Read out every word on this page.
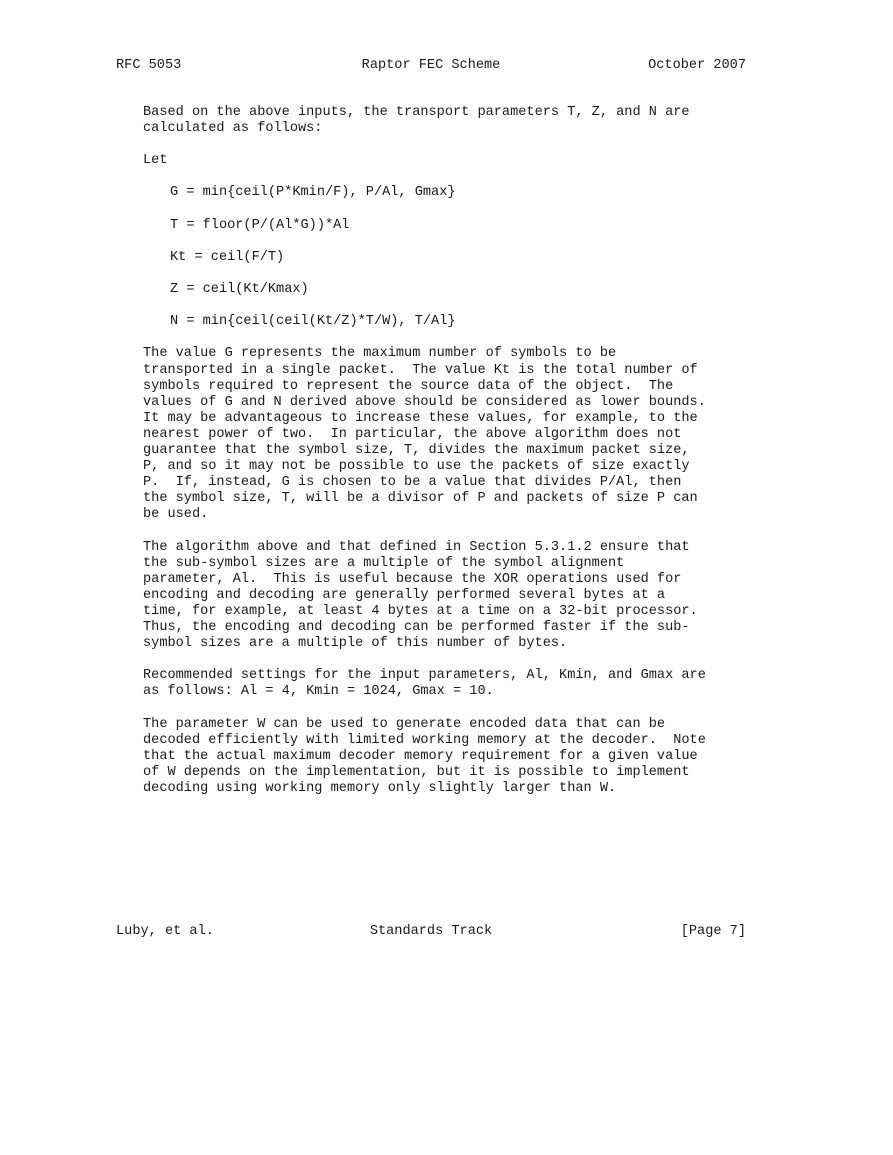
RFC 5053

	Raptor FEC Scheme

	October 2007

Based on the above inputs, the transport parameters T, Z, and N are
calculated as follows:
Let
G = min{ceil(P*Kmin/F), P/Al, Gmax}
T = floor(P/(Al*G))*Al
Kt = ceil(F/T)
Z = ceil(Kt/Kmax)
N = min{ceil(ceil(Kt/Z)*T/W), T/Al}
The value G represents the maximum number of symbols to be
transported in a single packet.  The value Kt is the total number of
symbols required to represent the source data of the object.  The
values of G and N derived above should be considered as lower bounds.
It may be advantageous to increase these values, for example, to the
nearest power of two.  In particular, the above algorithm does not
guarantee that the symbol size, T, divides the maximum packet size,
P, and so it may not be possible to use the packets of size exactly
P.  If, instead, G is chosen to be a value that divides P/Al, then
the symbol size, T, will be a divisor of P and packets of size P can
be used.
The algorithm above and that defined in Section 5.3.1.2 ensure that
the sub-symbol sizes are a multiple of the symbol alignment
parameter, Al.  This is useful because the XOR operations used for
encoding and decoding are generally performed several bytes at a
time, for example, at least 4 bytes at a time on a 32-bit processor.
Thus, the encoding and decoding can be performed faster if the sub-
symbol sizes are a multiple of this number of bytes.
Recommended settings for the input parameters, Al, Kmin, and Gmax are
as follows: Al = 4, Kmin = 1024, Gmax = 10.
The parameter W can be used to generate encoded data that can be
decoded efficiently with limited working memory at the decoder.  Note
that the actual maximum decoder memory requirement for a given value
of W depends on the implementation, but it is possible to implement
decoding using working memory only slightly larger than W.

Luby, et al.

	Standards Track

	[Page 7]
